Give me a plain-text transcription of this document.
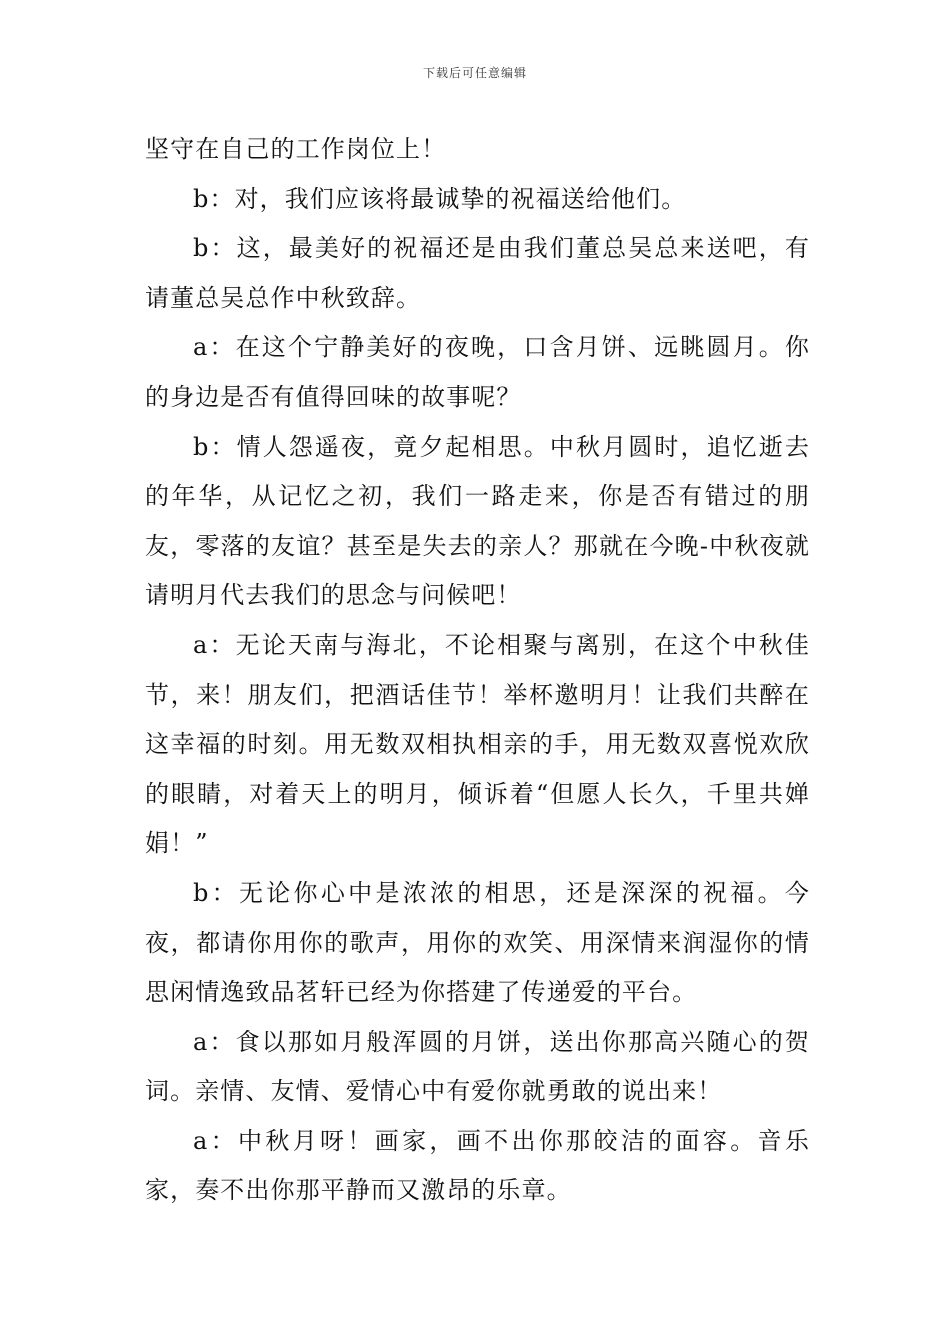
下载后可任意编辑

坚守在自己的工作岗位上！

b：对，我们应该将最诚挚的祝福送给他们。

b：这，最美好的祝福还是由我们董总吴总来送吧，有请董总吴总作中秋致辞。

a：在这个宁静美好的夜晚，口含月饼、远眺圆月。你的身边是否有值得回味的故事呢？

b：情人怨遥夜，竟夕起相思。中秋月圆时，追忆逝去的年华，从记忆之初，我们一路走来，你是否有错过的朋友，零落的友谊？甚至是失去的亲人？那就在今晚-中秋夜就请明月代去我们的思念与问候吧！

a：无论天南与海北，不论相聚与离别，在这个中秋佳节，来！朋友们，把酒话佳节！举杯邀明月！让我们共醉在这幸福的时刻。用无数双相执相亲的手，用无数双喜悦欢欣的眼睛，对着天上的明月，倾诉着“但愿人长久，千里共婵娟！”

b：无论你心中是浓浓的相思，还是深深的祝福。今夜，都请你用你的歌声，用你的欢笑、用深情来润湿你的情思闲情逸致品茗轩已经为你搭建了传递爱的平台。

a：食以那如月般浑圆的月饼，送出你那高兴随心的贺词。亲情、友情、爱情心中有爱你就勇敢的说出来！

a：中秋月呀！画家，画不出你那皎洁的面容。音乐家，奏不出你那平静而又激昂的乐章。
